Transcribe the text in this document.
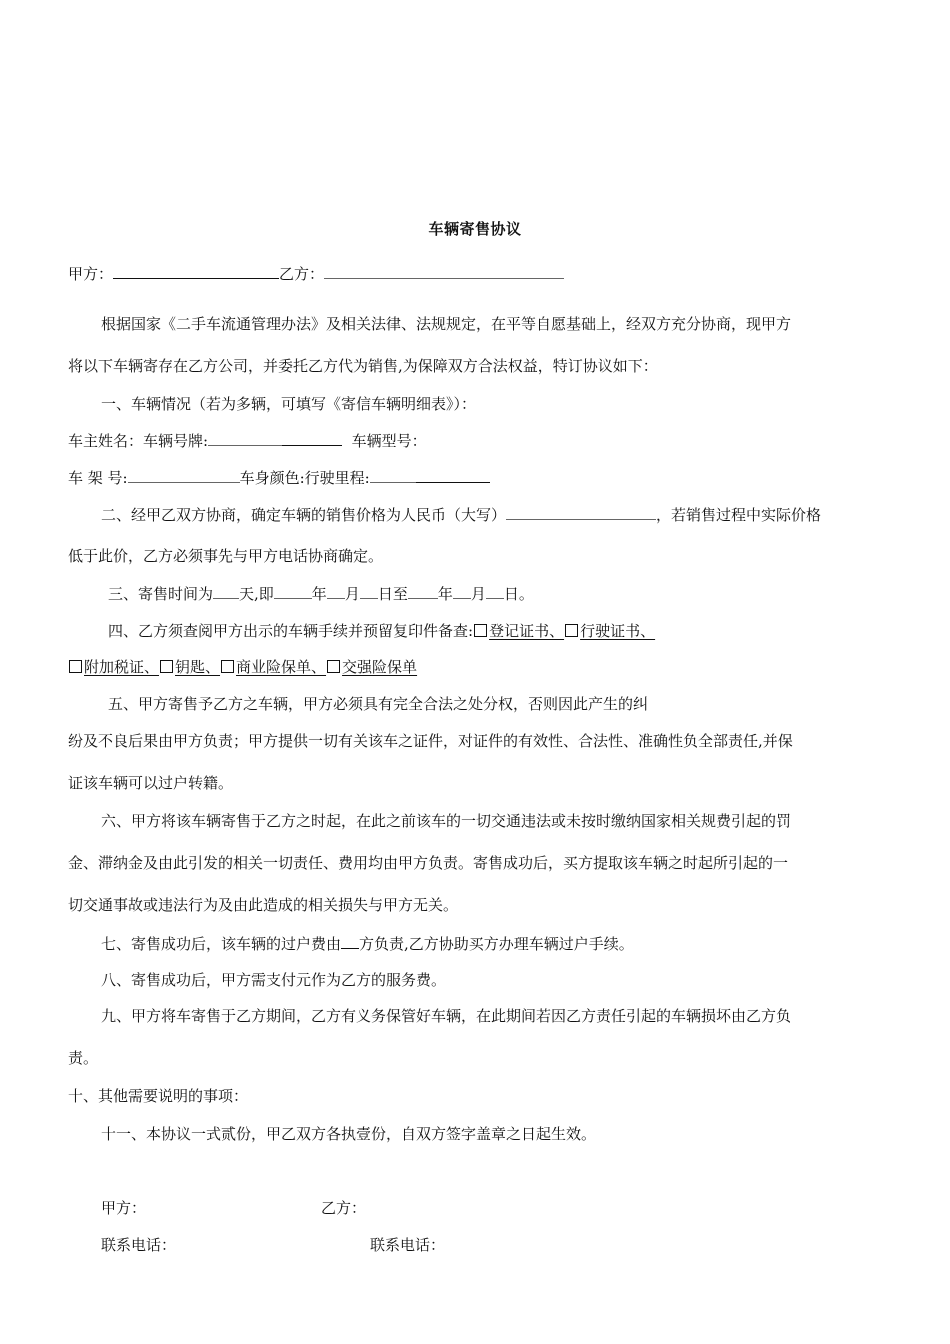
车辆寄售协议
甲方：	乙方：
根据国家《二手车流通管理办法》及相关法律、法规规定，在平等自愿基础上，经双方充分协商，现甲方
将以下车辆寄存在乙方公司，并委托乙方代为销售,为保障双方合法权益，特订协议如下：
一、车辆情况（若为多辆，可填写《寄信车辆明细表》）：
车主姓名：车辆号牌:	车辆型号：
车 架 号:	车身颜色:行驶里程:
二、经甲乙双方协商，确定车辆的销售价格为人民币（大写）	，若销售过程中实际价格
低于此价，乙方必须事先与甲方电话协商确定。
三、寄售时间为 天,即	年 月 日至 年 月 日。
四、乙方须查阅甲方出示的车辆手续并预留复印件备查: 登记证书、 行驶证书、
附加税证、 钥匙、 商业险保单、 交强险保单
五、甲方寄售予乙方之车辆，甲方必须具有完全合法之处分权，否则因此产生的纠
纷及不良后果由甲方负责；甲方提供一切有关该车之证件，对证件的有效性、合法性、准确性负全部责任,并保
证该车辆可以过户转籍。
六、甲方将该车辆寄售于乙方之时起，在此之前该车的一切交通违法或未按时缴纳国家相关规费引起的罚
金、滞纳金及由此引发的相关一切责任、费用均由甲方负责。寄售成功后，买方提取该车辆之时起所引起的一
切交通事故或违法行为及由此造成的相关损失与甲方无关。
七、寄售成功后，该车辆的过户费由 方负责,乙方协助买方办理车辆过户手续。
八、寄售成功后，甲方需支付元作为乙方的服务费。
九、甲方将车寄售于乙方期间，乙方有义务保管好车辆，在此期间若因乙方责任引起的车辆损坏由乙方负
责。
十、其他需要说明的事项：
十一、本协议一式贰份，甲乙双方各执壹份，自双方签字盖章之日起生效。
甲方：	乙方：
联系电话：	联系电话：
